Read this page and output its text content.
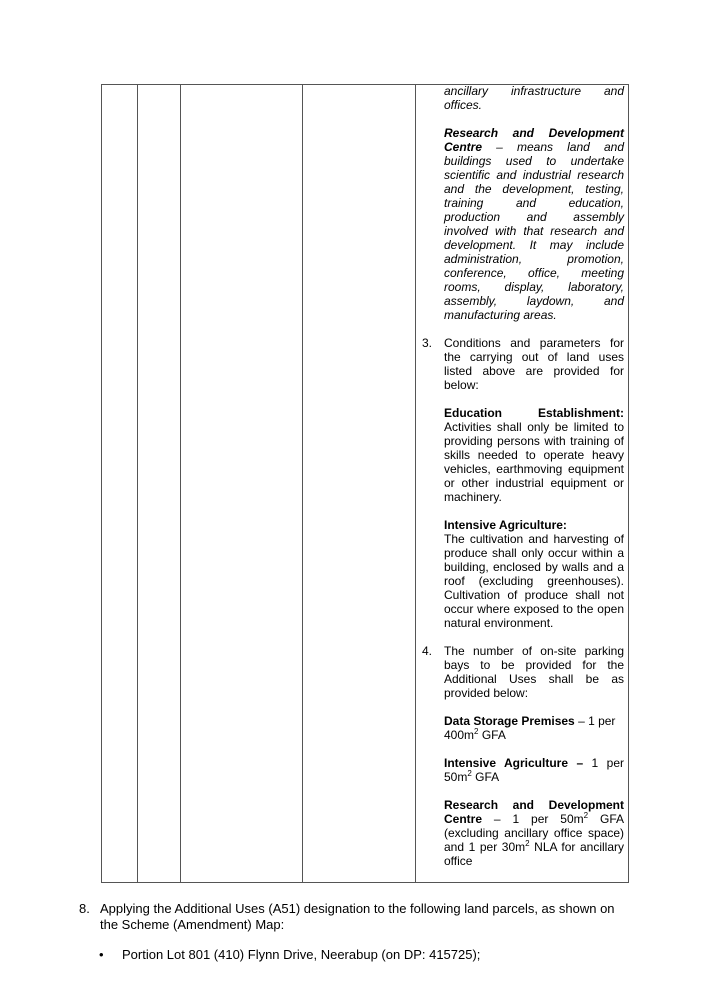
ancillary infrastructure and
offices.
Research and Development
Centre – means land and
buildings used to undertake
scientific and industrial research
and the development, testing,
training and education,
production and assembly
involved with that research and
development. It may include
administration, promotion,
conference, office, meeting
rooms, display, laboratory,
assembly, laydown, and
manufacturing areas.
3. Conditions and parameters for
the carrying out of land uses
listed above are provided for
below:
Education Establishment:
Activities shall only be limited to
providing persons with training of
skills needed to operate heavy
vehicles, earthmoving equipment
or other industrial equipment or
machinery.
Intensive Agriculture:
The cultivation and harvesting of
produce shall only occur within a
building, enclosed by walls and a
roof (excluding greenhouses).
Cultivation of produce shall not
occur where exposed to the open
natural environment.
4. The number of on-site parking
bays to be provided for the
Additional Uses shall be as
provided below:
Data Storage Premises – 1 per
$400m^2$ GFA
Intensive Agriculture – 1 per
$50m^2$ GFA
Research and Development
Centre – 1 per $50m^2$ GFA
(excluding ancillary office space)
and 1 per $30m^2$ NLA for ancillary
office
8. Applying the Additional Uses (A51) designation to the following land parcels, as shown on
the Scheme (Amendment) Map:
• Portion Lot 801 (410) Flynn Drive, Neerabup (on DP: 415725);
